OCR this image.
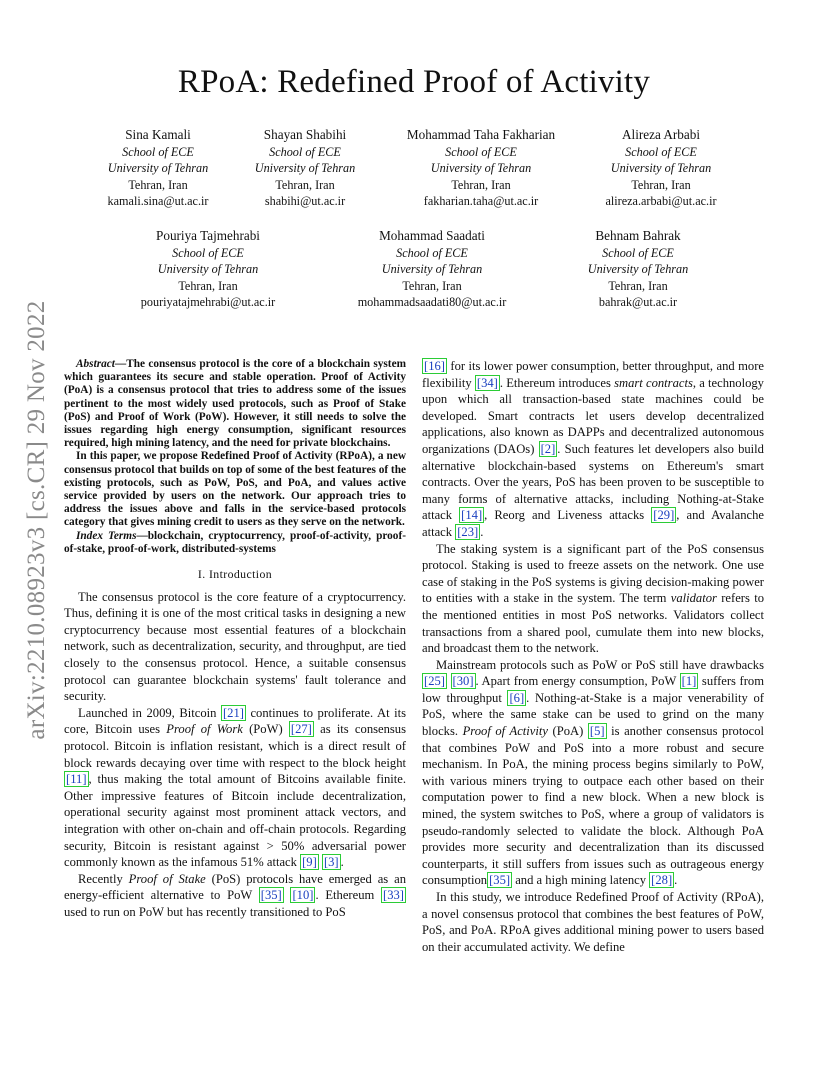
arXiv:2210.08923v3 [cs.CR] 29 Nov 2022
RPoA: Redefined Proof of Activity
Sina Kamali
School of ECE
University of Tehran
Tehran, Iran
kamali.sina@ut.ac.ir
Shayan Shabihi
School of ECE
University of Tehran
Tehran, Iran
shabihi@ut.ac.ir
Mohammad Taha Fakharian
School of ECE
University of Tehran
Tehran, Iran
fakharian.taha@ut.ac.ir
Alireza Arbabi
School of ECE
University of Tehran
Tehran, Iran
alireza.arbabi@ut.ac.ir
Pouriya Tajmehrabi
School of ECE
University of Tehran
Tehran, Iran
pouriyatajmehrabi@ut.ac.ir
Mohammad Saadati
School of ECE
University of Tehran
Tehran, Iran
mohammadsaadati80@ut.ac.ir
Behnam Bahrak
School of ECE
University of Tehran
Tehran, Iran
bahrak@ut.ac.ir

Abstract—The consensus protocol is the core of a blockchain system which guarantees its secure and stable operation. Proof of Activity (PoA) is a consensus protocol that tries to address some of the issues pertinent to the most widely used protocols, such as Proof of Stake (PoS) and Proof of Work (PoW). However, it still needs to solve the issues regarding high energy consumption, significant resources required, high mining latency, and the need for private blockchains.

In this paper, we propose Redefined Proof of Activity (RPoA), a new consensus protocol that builds on top of some of the best features of the existing protocols, such as PoW, PoS, and PoA, and values active service provided by users on the network. Our approach tries to address the issues above and falls in the service-based protocols category that gives mining credit to users as they serve on the network.

Index Terms—blockchain, cryptocurrency, proof-of-activity, proof-of-stake, proof-of-work, distributed-systems

I. Introduction

The consensus protocol is the core feature of a cryptocurrency. Thus, defining it is one of the most critical tasks in designing a new cryptocurrency because most essential features of a blockchain network, such as decentralization, security, and throughput, are tied closely to the consensus protocol. Hence, a suitable consensus protocol can guarantee blockchain systems' fault tolerance and security.

Launched in 2009, Bitcoin [21] continues to proliferate. At its core, Bitcoin uses Proof of Work (PoW) [27] as its consensus protocol. Bitcoin is inflation resistant, which is a direct result of block rewards decaying over time with respect to the block height [11] , thus making the total amount of Bitcoins available finite. Other impressive features of Bitcoin include decentralization, operational security against most prominent attack vectors, and integration with other on-chain and off-chain protocols. Regarding security, Bitcoin is resistant against > 50% adversarial power commonly known as the infamous 51% attack [9] [3] .

Recently Proof of Stake (PoS) protocols have emerged as an energy-efficient alternative to PoW [35] [10] . Ethereum [33] used to run on PoW but has recently transitioned to PoS

[16] for its lower power consumption, better throughput, and more flexibility [34] . Ethereum introduces smart contracts, a technology upon which all transaction-based state machines could be developed. Smart contracts let users develop decentralized applications, also known as DAPPs and decentralized autonomous organizations (DAOs) [2] . Such features let developers also build alternative blockchain-based systems on Ethereum's smart contracts. Over the years, PoS has been proven to be susceptible to many forms of alternative attacks, including Nothing-at-Stake attack [14] , Reorg and Liveness attacks [29] , and Avalanche attack [23] .

The staking system is a significant part of the PoS consensus protocol. Staking is used to freeze assets on the network. One use case of staking in the PoS systems is giving decision-making power to entities with a stake in the system. The term validator refers to the mentioned entities in most PoS networks. Validators collect transactions from a shared pool, cumulate them into new blocks, and broadcast them to the network.

Mainstream protocols such as PoW or PoS still have drawbacks [25] [30] . Apart from energy consumption, PoW [1] suffers from low throughput [6] . Nothing-at-Stake is a major venerability of PoS, where the same stake can be used to grind on the many blocks. Proof of Activity (PoA) [5] is another consensus protocol that combines PoW and PoS into a more robust and secure mechanism. In PoA, the mining process begins similarly to PoW, with various miners trying to outpace each other based on their computation power to find a new block. When a new block is mined, the system switches to PoS, where a group of validators is pseudo-randomly selected to validate the block. Although PoA provides more security and decentralization than its discussed counterparts, it still suffers from issues such as outrageous energy consumption [35] and a high mining latency [28] .

In this study, we introduce Redefined Proof of Activity (RPoA), a novel consensus protocol that combines the best features of PoW, PoS, and PoA. RPoA gives additional mining power to users based on their accumulated activity. We define
